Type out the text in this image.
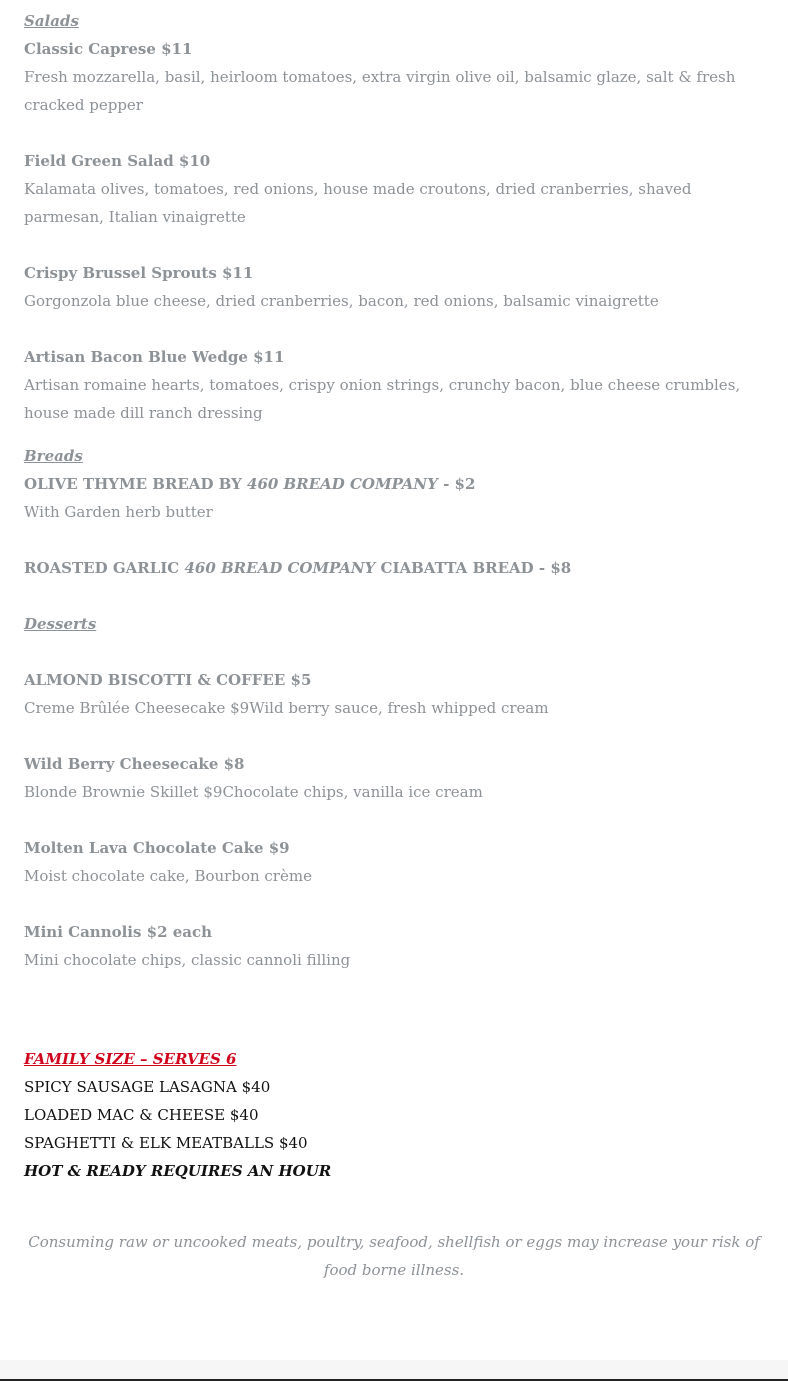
Salads
Classic Caprese $11
Fresh mozzarella, basil, heirloom tomatoes, extra virgin olive oil, balsamic glaze, salt & fresh cracked pepper
Field Green Salad $10
Kalamata olives, tomatoes, red onions, house made croutons, dried cranberries, shaved parmesan, Italian vinaigrette
Crispy Brussel Sprouts $11
Gorgonzola blue cheese, dried cranberries, bacon, red onions, balsamic vinaigrette
Artisan Bacon Blue Wedge $11
Artisan romaine hearts, tomatoes, crispy onion strings, crunchy bacon, blue cheese crumbles, house made dill ranch dressing
Breads
OLIVE THYME BREAD BY 460 BREAD COMPANY - $2
With Garden herb butter
ROASTED GARLIC 460 BREAD COMPANY CIABATTA BREAD - $8
Desserts
ALMOND BISCOTTI & COFFEE $5
Creme Brûlée Cheesecake $9Wild berry sauce, fresh whipped cream
Wild Berry Cheesecake $8
Blonde Brownie Skillet $9Chocolate chips, vanilla ice cream
Molten Lava Chocolate Cake $9
Moist chocolate cake, Bourbon crème
Mini Cannolis $2 each
Mini chocolate chips, classic cannoli filling
FAMILY SIZE – SERVES 6
SPICY SAUSAGE LASAGNA $40
LOADED MAC & CHEESE $40
SPAGHETTI & ELK MEATBALLS $40
HOT & READY REQUIRES AN HOUR
Consuming raw or uncooked meats, poultry, seafood, shellfish or eggs may increase your risk of food borne illness.
